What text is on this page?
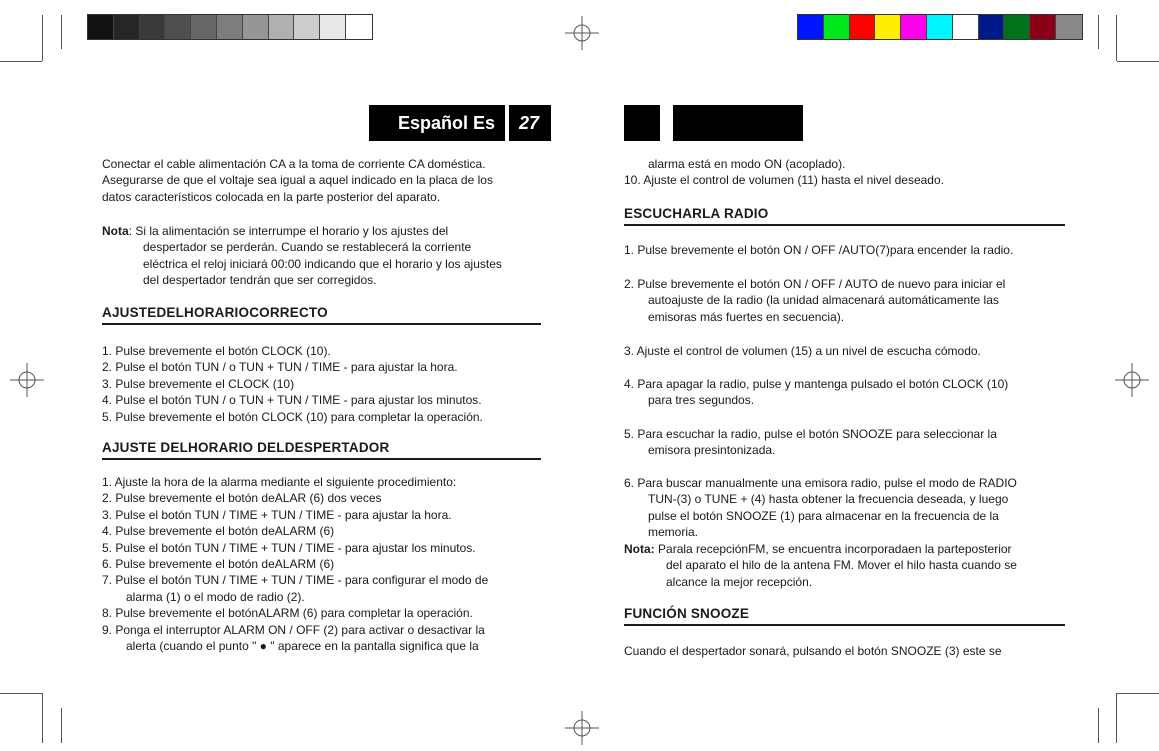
Español Es 27
Conectar el cable alimentación CA a la toma de corriente CA doméstica.
Asegurarse de que el voltaje sea igual a aquel indicado en la placa de los
datos característicos colocada en la parte posterior del aparato.
Nota: Si la alimentación se interrumpe el horario y los ajustes del
despertador se perderán. Cuando se restablecerá la corriente
eléctrica el reloj iniciará 00:00 indicando que el horario y los ajustes
del despertador tendrán que ser corregidos.
AJUSTEDELHORARIOCORRECTO
1. Pulse brevemente el botón CLOCK (10).
2. Pulse el botón TUN / o TUN + TUN / TIME - para ajustar la hora.
3. Pulse brevemente el CLOCK (10)
4. Pulse el botón TUN / o TUN + TUN / TIME - para ajustar los minutos.
5. Pulse brevemente el botón CLOCK (10) para completar la operación.
AJUSTE DELHORARIO DELDESPERTADOR
1. Ajuste la hora de la alarma mediante el siguiente procedimiento:
2. Pulse brevemente el botón deALAR (6) dos veces
3. Pulse el botón TUN / TIME + TUN / TIME - para ajustar la hora.
4. Pulse brevemente el botón deALARM (6)
5. Pulse el botón TUN / TIME + TUN / TIME - para ajustar los minutos.
6. Pulse brevemente el botón deALARM (6)
7. Pulse el botón TUN / TIME + TUN / TIME - para configurar el modo de
alarma (1) o el modo de radio (2).
8. Pulse brevemente el botónALARM (6) para completar la operación.
9. Ponga el interruptor ALARM ON / OFF (2) para activar o desactivar la
alerta (cuando el punto " ● " aparece en la pantalla significa que la
alarma está en modo ON (acoplado).
10. Ajuste el control de volumen (11) hasta el nivel deseado.
ESCUCHARLA RADIO
1. Pulse brevemente el botón ON / OFF /AUTO(7)para encender la radio.
2. Pulse brevemente el botón ON / OFF / AUTO de nuevo para iniciar el
autoajuste de la radio (la unidad almacenará automáticamente las
emisoras más fuertes en secuencia).
3. Ajuste el control de volumen (15) a un nivel de escucha cómodo.
4. Para apagar la radio, pulse y mantenga pulsado el botón CLOCK (10)
para tres segundos.
5. Para escuchar la radio, pulse el botón SNOOZE para seleccionar la
emisora presintonizada.
6. Para buscar manualmente una emisora radio, pulse el modo de RADIO
TUN-(3) o TUNE + (4) hasta obtener la frecuencia deseada, y luego
pulse el botón SNOOZE (1) para almacenar en la frecuencia de la
memoria.
Nota: Parala recepciónFM, se encuentra incorporadaen la parteposterior
del aparato el hilo de la antena FM. Mover el hilo hasta cuando se
alcance la mejor recepción.
FUNCIÓN SNOOZE
Cuando el despertador sonará, pulsando el botón SNOOZE (3) este se
